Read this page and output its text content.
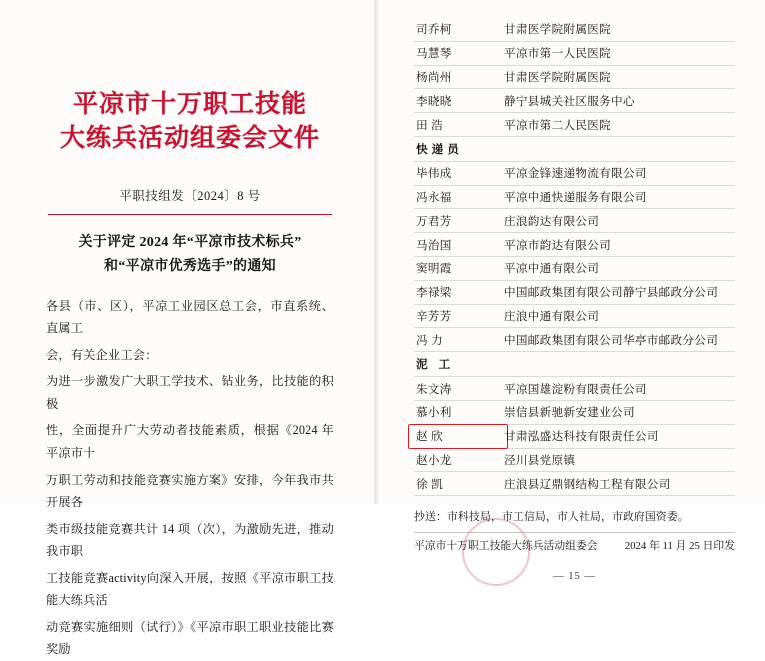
平凉市十万职工技能
大练兵活动组委会文件
平职技组发〔2024〕8 号
关于评定 2024 年“平凉市技术标兵”
和“平凉市优秀选手”的通知

各县（市、区），平凉工业园区总工会，市直系统、直属工

会，有关企业工会：

为进一步激发广大职工学技术、钻业务，比技能的积极

性，全面提升广大劳动者技能素质，根据《2024 年平凉市十

万职工劳动和技能竞赛实施方案》安排，今年我市共开展各

类市级技能竞赛共计 14 项（次），为激励先进，推动我市职

工技能竞赛activity向深入开展，按照《平凉市职工技能大练兵活

动竞赛实施细则（试行）》《平凉市职工职业技能比赛奖励

司乔柯	甘肃医学院附属医院
马慧琴	平凉市第一人民医院
杨尚州	甘肃医学院附属医院
李晓晓	静宁县城关社区服务中心
田 浩	平凉市第二人民医院
快递员	
毕伟成	平凉金锋速递物流有限公司
冯永福	平凉中通快递服务有限公司
万君芳	庄浪韵达有限公司
马治国	平凉市韵达有限公司
窦明霞	平凉中通有限公司
李禄梁	中国邮政集团有限公司静宁县邮政分公司
辛芳芳	庄浪中通有限公司
冯 力	中国邮政集团有限公司华亭市邮政分公司
泥 工	
朱文涛	平凉国雄淀粉有限责任公司
慕小利	崇信县新驰新安建业公司
赵 欣	甘肃泓盛达科技有限责任公司
赵小龙	泾川县党原镇
徐 凯	庄浪县辽鼎钢结构工程有限公司
抄送：市科技局，市工信局，市人社局，市政府国资委。
平凉市十万职工技能大练兵活动组委会	2024 年 11 月 25 日印发
— 15 —
